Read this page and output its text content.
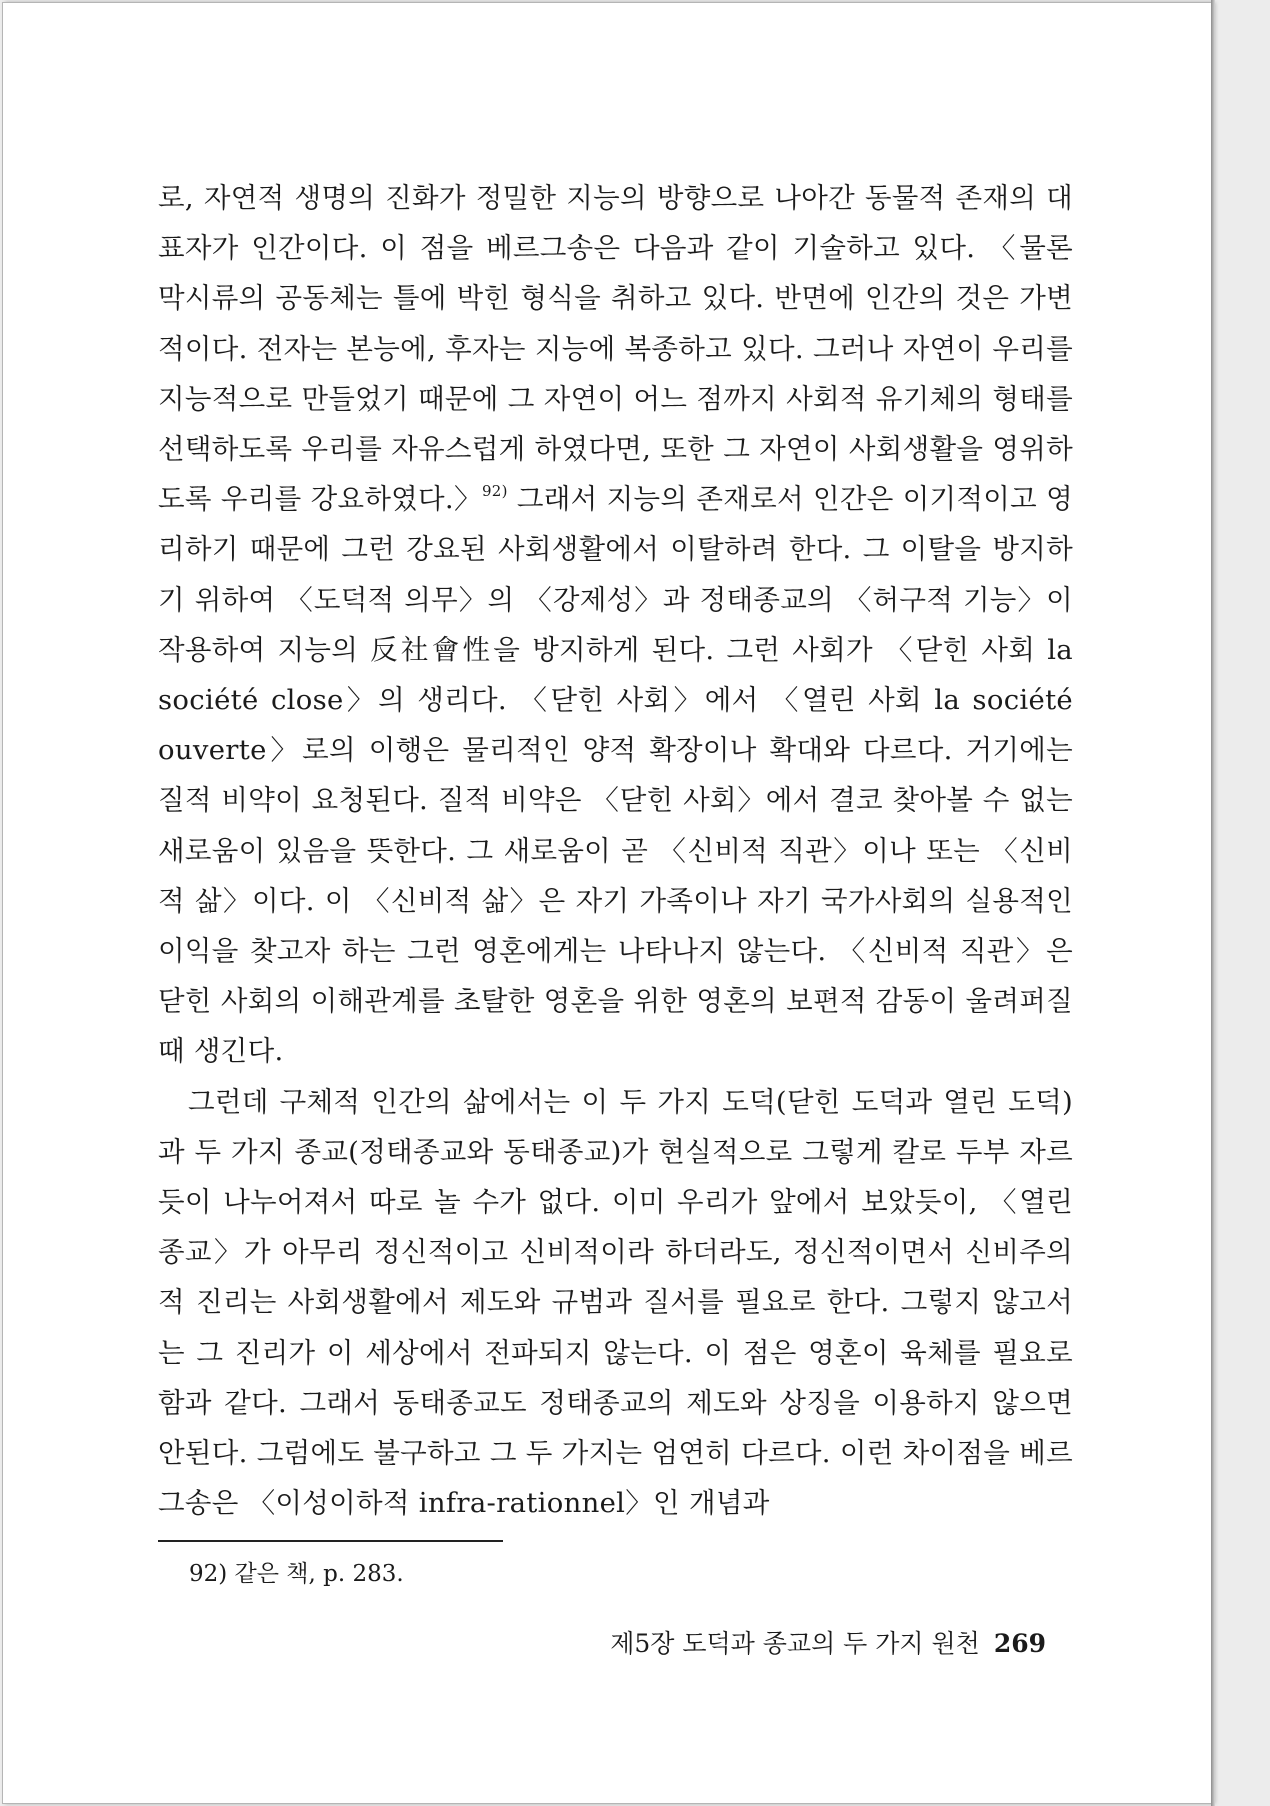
로, 자연적 생명의 진화가 정밀한 지능의 방향으로 나아간 동물적 존재의 대표자가 인간이다. 이 점을 베르그송은 다음과 같이 기술하고 있다. 〈물론 막시류의 공동체는 틀에 박힌 형식을 취하고 있다. 반면에 인간의 것은 가변적이다. 전자는 본능에, 후자는 지능에 복종하고 있다. 그러나 자연이 우리를 지능적으로 만들었기 때문에 그 자연이 어느 점까지 사회적 유기체의 형태를 선택하도록 우리를 자유스럽게 하였다면, 또한 그 자연이 사회생활을 영위하도록 우리를 강요하였다.〉$^{92)}$ 그래서 지능의 존재로서 인간은 이기적이고 영리하기 때문에 그런 강요된 사회생활에서 이탈하려 한다. 그 이탈을 방지하기 위하여 〈도덕적 의무〉의 〈강제성〉과 정태종교의 〈허구적 기능〉이 작용하여 지능의 反社會性을 방지하게 된다. 그런 사회가 〈닫힌 사회 la société close〉의 생리다. 〈닫힌 사회〉에서 〈열린 사회 la société ouverte〉로의 이행은 물리적인 양적 확장이나 확대와 다르다. 거기에는 질적 비약이 요청된다. 질적 비약은 〈닫힌 사회〉에서 결코 찾아볼 수 없는 새로움이 있음을 뜻한다. 그 새로움이 곧 〈신비적 직관〉이나 또는 〈신비적 삶〉이다. 이 〈신비적 삶〉은 자기 가족이나 자기 국가사회의 실용적인 이익을 찾고자 하는 그런 영혼에게는 나타나지 않는다. 〈신비적 직관〉은 닫힌 사회의 이해관계를 초탈한 영혼을 위한 영혼의 보편적 감동이 울려퍼질 때 생긴다.

그런데 구체적 인간의 삶에서는 이 두 가지 도덕(닫힌 도덕과 열린 도덕)과 두 가지 종교(정태종교와 동태종교)가 현실적으로 그렇게 칼로 두부 자르듯이 나누어져서 따로 놀 수가 없다. 이미 우리가 앞에서 보았듯이, 〈열린 종교〉가 아무리 정신적이고 신비적이라 하더라도, 정신적이면서 신비주의적 진리는 사회생활에서 제도와 규범과 질서를 필요로 한다. 그렇지 않고서는 그 진리가 이 세상에서 전파되지 않는다. 이 점은 영혼이 육체를 필요로 함과 같다. 그래서 동태종교도 정태종교의 제도와 상징을 이용하지 않으면 안된다. 그럼에도 불구하고 그 두 가지는 엄연히 다르다. 이런 차이점을 베르그송은 〈이성이하적 infra-rationnel〉인 개념과

92) 같은 책, p. 283.
제5장 도덕과 종교의 두 가지 원천 269
